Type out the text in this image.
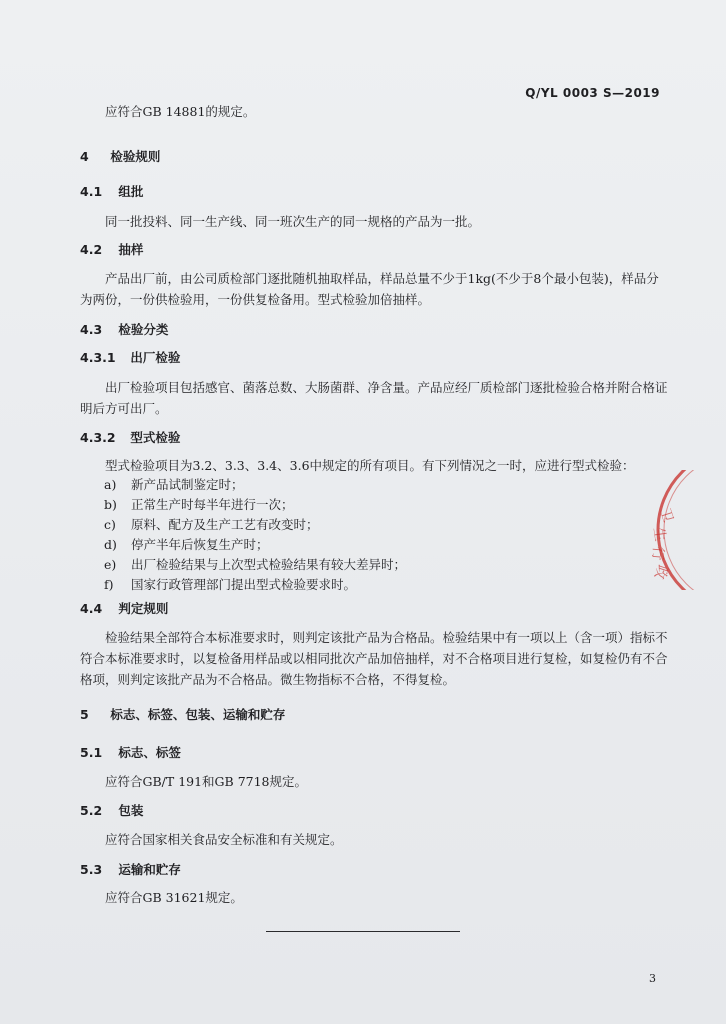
Q/YL 0003 S—2019
应符合GB 14881的规定。
4 检验规则
4.1 组批
同一批投料、同一生产线、同一班次生产的同一规格的产品为一批。
4.2 抽样
产品出厂前，由公司质检部门逐批随机抽取样品，样品总量不少于1kg(不少于8个最小包装)，样品分为两份，一份供检验用，一份供复检备用。型式检验加倍抽样。
4.3 检验分类
4.3.1 出厂检验
出厂检验项目包括感官、菌落总数、大肠菌群、净含量。产品应经厂质检部门逐批检验合格并附合格证明后方可出厂。
4.3.2 型式检验
型式检验项目为3.2、3.3、3.4、3.6中规定的所有项目。有下列情况之一时，应进行型式检验：
a)	新产品试制鉴定时；
b)	正常生产时每半年进行一次；
c)	原料、配方及生产工艺有改变时；
d)	停产半年后恢复生产时；
e)	出厂检验结果与上次型式检验结果有较大差异时；
f)	国家行政管理部门提出型式检验要求时。
4.4 判定规则
检验结果全部符合本标准要求时，则判定该批产品为合格品。检验结果中有一项以上（含一项）指标不符合本标准要求时，以复检备用样品或以相同批次产品加倍抽样，对不合格项目进行复检，如复检仍有不合格项，则判定该批产品为不合格品。微生物指标不合格，不得复检。
5 标志、标签、包装、运输和贮存
5.1 标志、标签
应符合GB/T 191和GB 7718规定。
5.2 包装
应符合国家相关食品安全标准和有关规定。
5.3 运输和贮存
应符合GB 31621规定。
3
卫
生
行
政
